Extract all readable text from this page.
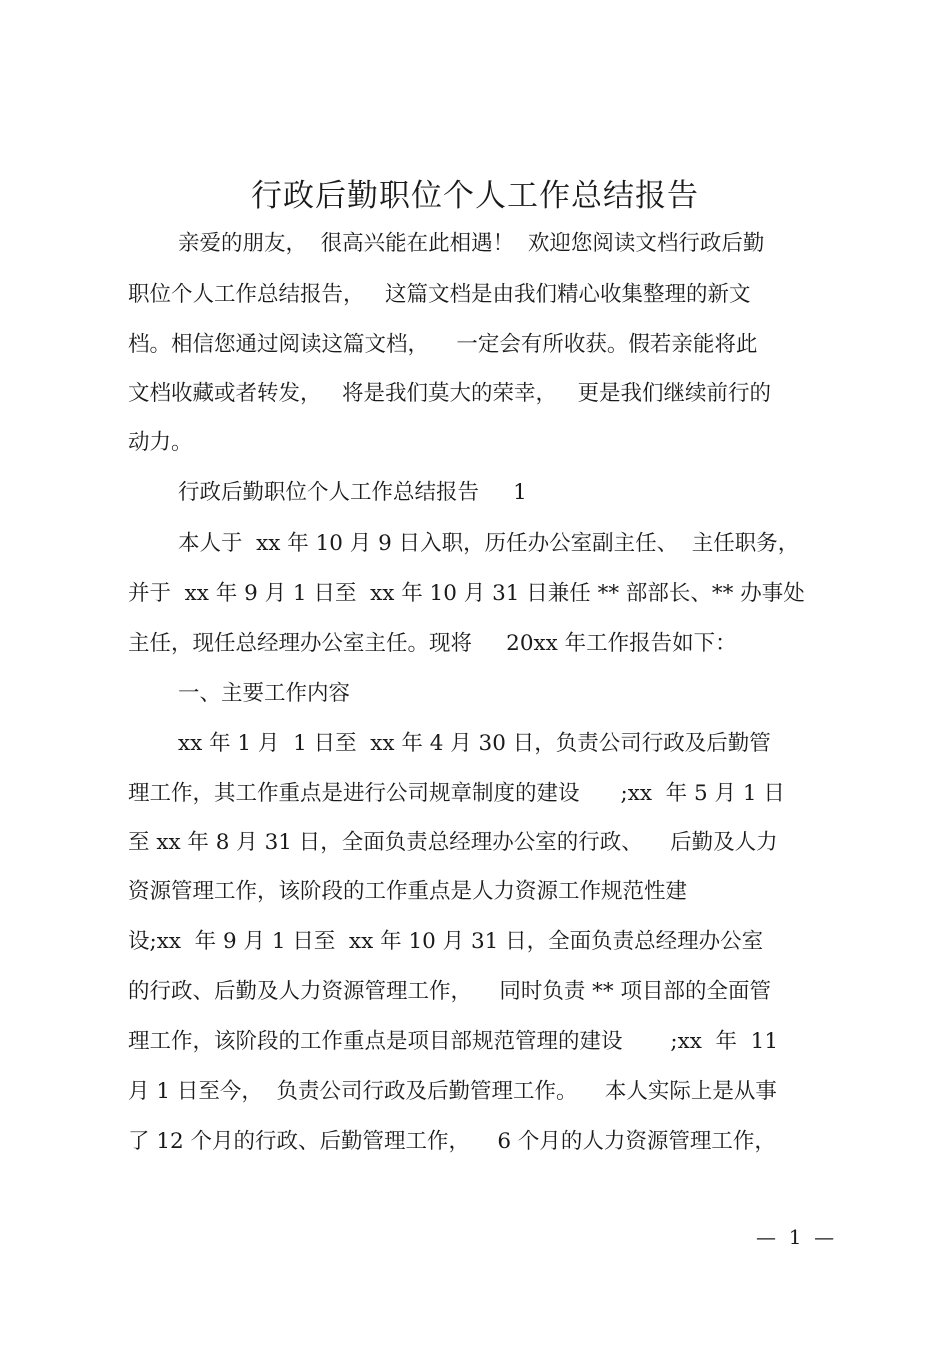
行政后勤职位个人工作总结报告
亲爱的朋友，  很高兴能在此相遇！  欢迎您阅读文档行政后勤
职位个人工作总结报告，   这篇文档是由我们精心收集整理的新文
档。相信您通过阅读这篇文档，    一定会有所收获。假若亲能将此
文档收藏或者转发，   将是我们莫大的荣幸，   更是我们继续前行的
动力。
行政后勤职位个人工作总结报告     1
本人于  xx 年 10 月 9 日入职，历任办公室副主任、  主任职务，
并于  xx 年 9 月 1 日至  xx 年 10 月 31 日兼任 ** 部部长、** 办事处
主任，现任总经理办公室主任。现将     20xx 年工作报告如下：
一、主要工作内容
xx 年 1 月  1 日至  xx 年 4 月 30 日，负责公司行政及后勤管
理工作，其工作重点是进行公司规章制度的建设      ;xx  年 5 月 1 日
至 xx 年 8 月 31 日，全面负责总经理办公室的行政、    后勤及人力
资源管理工作，该阶段的工作重点是人力资源工作规范性建
设;xx  年 9 月 1 日至  xx 年 10 月 31 日，全面负责总经理办公室
的行政、后勤及人力资源管理工作，    同时负责 ** 项目部的全面管
理工作，该阶段的工作重点是项目部规范管理的建设       ;xx  年  11
月 1 日至今，  负责公司行政及后勤管理工作。    本人实际上是从事
了 12 个月的行政、后勤管理工作，    6 个月的人力资源管理工作，
—  1  —
